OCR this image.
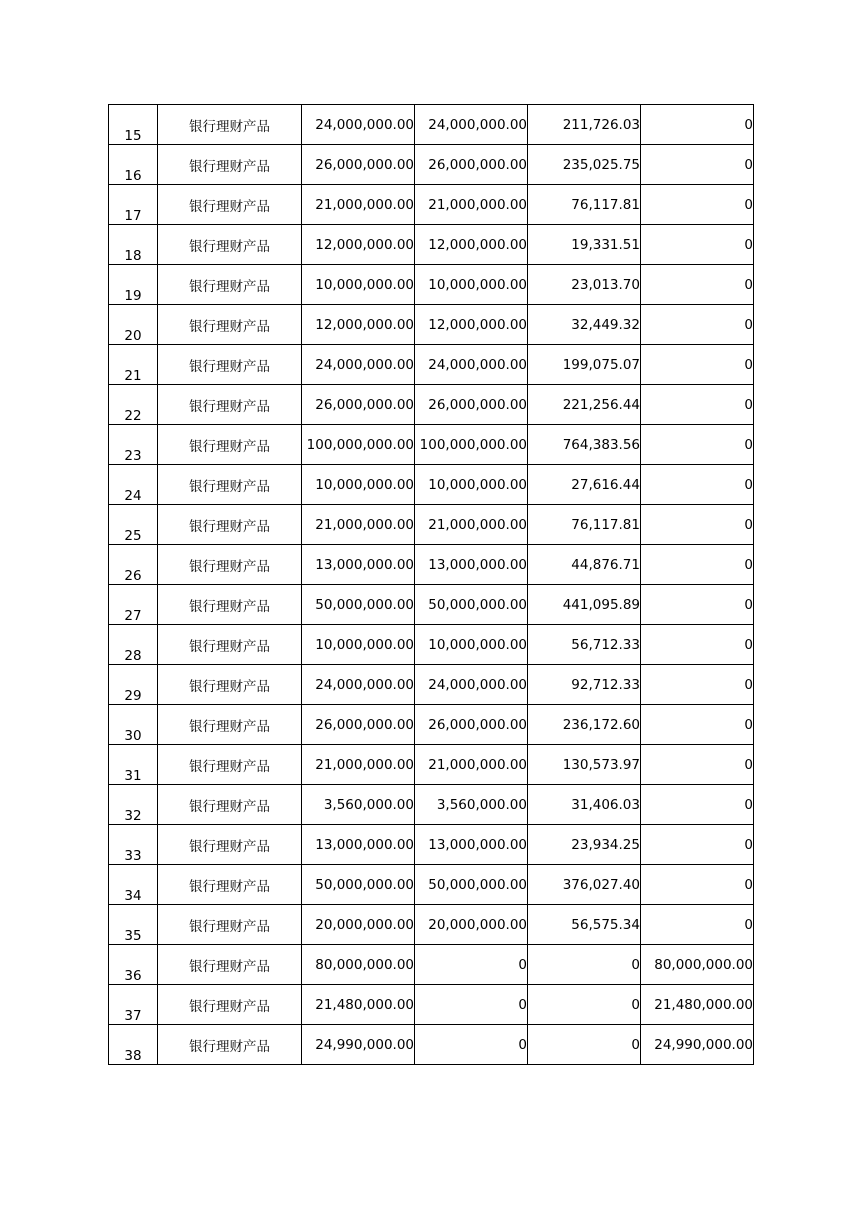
15	银行理财产品	24,000,000.00	24,000,000.00	211,726.03	0
16	银行理财产品	26,000,000.00	26,000,000.00	235,025.75	0
17	银行理财产品	21,000,000.00	21,000,000.00	76,117.81	0
18	银行理财产品	12,000,000.00	12,000,000.00	19,331.51	0
19	银行理财产品	10,000,000.00	10,000,000.00	23,013.70	0
20	银行理财产品	12,000,000.00	12,000,000.00	32,449.32	0
21	银行理财产品	24,000,000.00	24,000,000.00	199,075.07	0
22	银行理财产品	26,000,000.00	26,000,000.00	221,256.44	0
23	银行理财产品	100,000,000.00	100,000,000.00	764,383.56	0
24	银行理财产品	10,000,000.00	10,000,000.00	27,616.44	0
25	银行理财产品	21,000,000.00	21,000,000.00	76,117.81	0
26	银行理财产品	13,000,000.00	13,000,000.00	44,876.71	0
27	银行理财产品	50,000,000.00	50,000,000.00	441,095.89	0
28	银行理财产品	10,000,000.00	10,000,000.00	56,712.33	0
29	银行理财产品	24,000,000.00	24,000,000.00	92,712.33	0
30	银行理财产品	26,000,000.00	26,000,000.00	236,172.60	0
31	银行理财产品	21,000,000.00	21,000,000.00	130,573.97	0
32	银行理财产品	3,560,000.00	3,560,000.00	31,406.03	0
33	银行理财产品	13,000,000.00	13,000,000.00	23,934.25	0
34	银行理财产品	50,000,000.00	50,000,000.00	376,027.40	0
35	银行理财产品	20,000,000.00	20,000,000.00	56,575.34	0
36	银行理财产品	80,000,000.00	0	0	80,000,000.00
37	银行理财产品	21,480,000.00	0	0	21,480,000.00
38	银行理财产品	24,990,000.00	0	0	24,990,000.00
